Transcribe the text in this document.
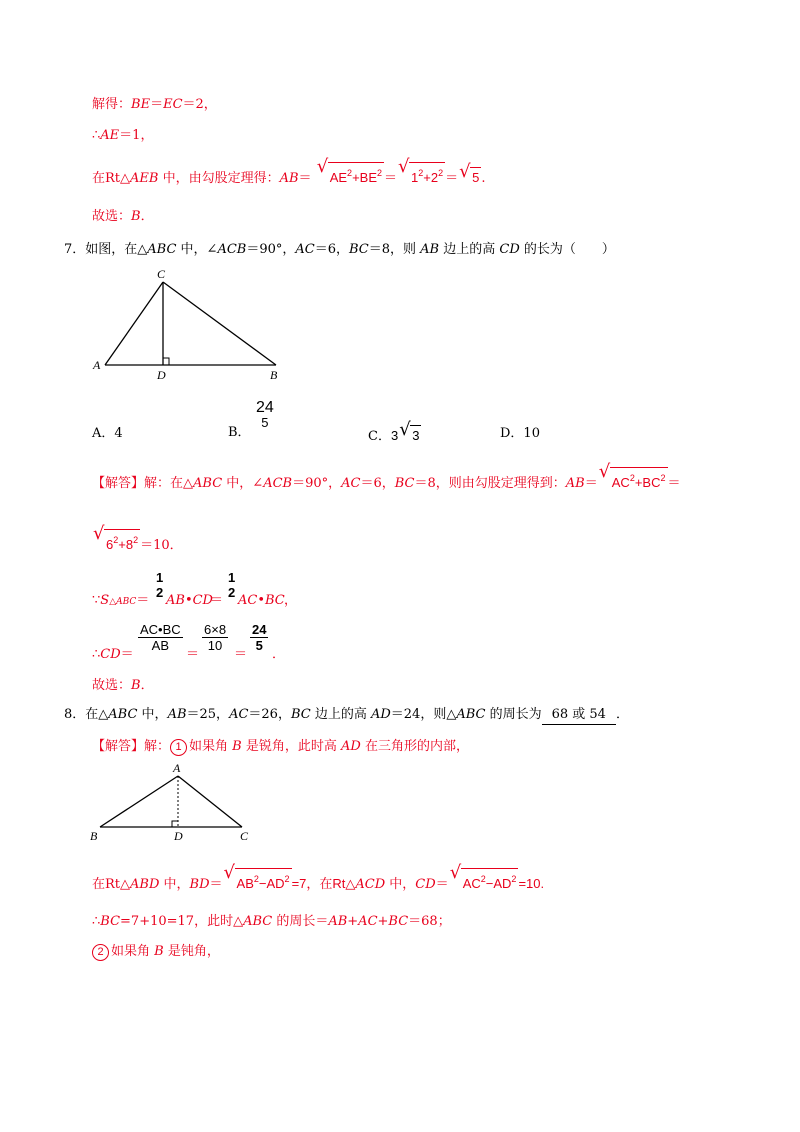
解得：BE＝EC＝2，
∴AE＝1，
在Rt△AEB 中，由勾股定理得：AB＝ √ $AE^2+BE^2$ ＝ √ $1^2+2^2$ ＝ √ 5 .
故选：B．
7．如图，在△ABC 中，∠ACB＝90°，AC＝6，BC＝8，则 AB 边上的高 CD 的长为（　　）
A
C
D	B
A．4	B．
24
5
C．3 √ 3	D．10
【解答】解：在△ABC 中，∠ACB＝90°，AC＝6，BC＝8，则由勾股定理得到：AB＝ √ $AC^2+BC^2$ ＝
√ $6^2+8^2 =10$．
∵S△ABC＝
1
2
AB•CD
＝
1
2
AC•BC ，
∴CD＝
$\frac{AC•BC}{AB}$
＝
$\frac{6\times 8}{10}$
＝
$\frac{24}{5}$
．
故选：B．
8．在△ABC 中，AB＝25，AC＝26，BC 边上的高 AD＝24，则△ABC 的周长为 68 或 54 ．
【解答】解： 1 如果角 B 是锐角，此时高 AD 在三角形的内部，
A
B	D	C
在Rt△ABD 中，BD＝ √ $AB^2-AD^2 =7$，在Rt△ACD 中，CD＝ √ $AC^2-AD^2 =10$.
∴BC=7+10=17，此时△ABC 的周长＝AB+AC+BC＝68；
2 如果角 B 是钝角，
